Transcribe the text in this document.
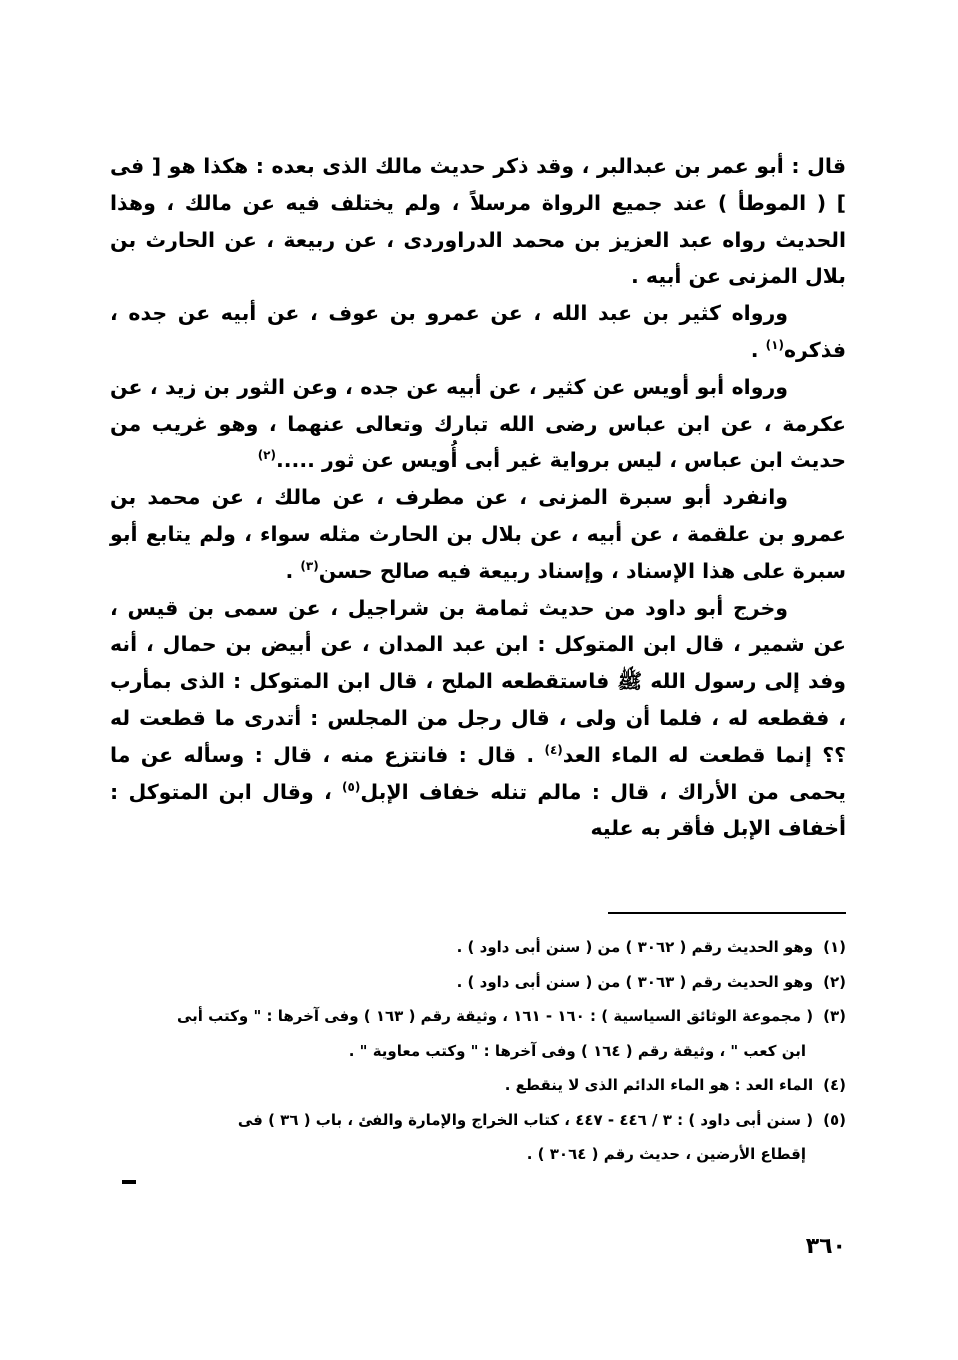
قال : أبو عمر بن عبدالبر ، وقد ذكر حديث مالك الذى بعده : هكذا هو [ فى ] ( الموطأ ) عند جميع الرواة مرسلاً ، ولم يختلف فيه عن مالك ، وهذا الحديث رواه عبد العزيز بن محمد الدراوردى ، عن ربيعة ، عن الحارث بن بلال المزنى عن أبيه .

ورواه كثير بن عبد الله ، عن عمرو بن عوف ، عن أبيه عن جده ، فذكره$^{(١)}$ .

ورواه أبو أويس عن كثير ، عن أبيه عن جده ، وعن الثور بن زيد ، عن عكرمة ، عن ابن عباس رضى الله تبارك وتعالى عنهما ، وهو غريب من حديث ابن عباس ، ليس برواية غير أبى أُويس عن ثور .....$^{(٢)}$

وانفرد أبو سبرة المزنى ، عن مطرف ، عن مالك ، عن محمد بن عمرو بن علقمة ، عن أبيه ، عن بلال بن الحارث مثله سواء ، ولم يتابع أبو سبرة على هذا الإسناد ، وإسناد ربيعة فيه صالح حسن$^{(٣)}$ .

وخرج أبو داود من حديث ثمامة بن شراجيل ، عن سمى بن قيس ، عن شمير ، قال ابن المتوكل : ابن عبد المدان ، عن أبيض بن حمال ، أنه وفد إلى رسول الله ﷺ فاستقطعه الملح ، قال ابن المتوكل : الذى بمأرب ، فقطعه له ، فلما أن ولى ، قال رجل من المجلس : أتدرى ما قطعت له ؟؟ إنما قطعت له الماء العد$^{(٤)}$ . قال : فانتزع منه ، قال : وسأله عن ما يحمى من الأراك ، قال : مالم تنله خفاف الإبل$^{(٥)}$ ، وقال ابن المتوكل : أخفاف الإبل فأقر به عليه

(١)وهو الحديث رقم ( ٣٠٦٢ ) من ( سنن أبى داود ) .

(٢)وهو الحديث رقم ( ٣٠٦٣ ) من ( سنن أبى داود ) .

(٣)( مجموعة الوثائق السياسية ) : ١٦٠ - ١٦١ ، وثيقة رقم ( ١٦٣ ) وفى آخرها : " وكتب أبى
ابن كعب " ، وثيقة رقم ( ١٦٤ ) وفى آخرها : " وكتب معاوية " .

(٤)الماء العد : هو الماء الدائم الذى لا ينقطع .

(٥)( سنن أبى داود ) : ٣ / ٤٤٦ - ٤٤٧ ، كتاب الخراج والإمارة والفئ ، باب ( ٣٦ ) فى
إقطاع الأرضين ، حديث رقم ( ٣٠٦٤ ) .

٣٦٠
